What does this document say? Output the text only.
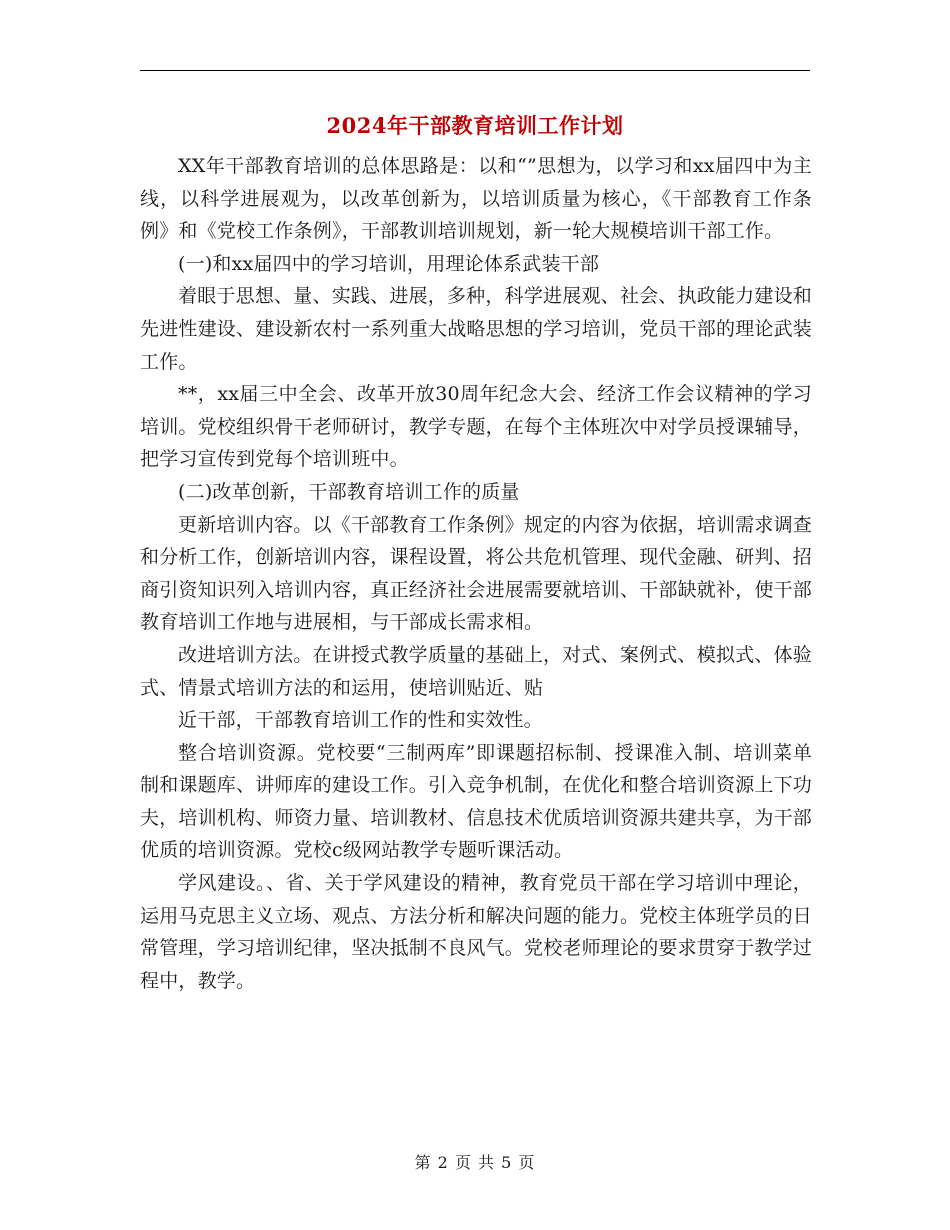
2024年干部教育培训工作计划

XX年干部教育培训的总体思路是：以和“”思想为，以学习和xx届四中为主线，以科学进展观为，以改革创新为，以培训质量为核心，《干部教育工作条例》和《党校工作条例》，干部教训培训规划，新一轮大规模培训干部工作。

(一)和xx届四中的学习培训，用理论体系武装干部

着眼于思想、量、实践、进展，多种，科学进展观、社会、执政能力建设和先进性建设、建设新农村一系列重大战略思想的学习培训，党员干部的理论武装工作。

**，xx届三中全会、改革开放30周年纪念大会、经济工作会议精神的学习培训。党校组织骨干老师研讨，教学专题，在每个主体班次中对学员授课辅导，把学习宣传到党每个培训班中。

(二)改革创新，干部教育培训工作的质量

更新培训内容。以《干部教育工作条例》规定的内容为依据，培训需求调查和分析工作，创新培训内容，课程设置，将公共危机管理、现代金融、研判、招商引资知识列入培训内容，真正经济社会进展需要就培训、干部缺就补，使干部教育培训工作地与进展相，与干部成长需求相。

改进培训方法。在讲授式教学质量的基础上，对式、案例式、模拟式、体验式、情景式培训方法的和运用，使培训贴近、贴

近干部，干部教育培训工作的性和实效性。

整合培训资源。党校要“三制两库”即课题招标制、授课准入制、培训菜单制和课题库、讲师库的建设工作。引入竞争机制，在优化和整合培训资源上下功夫，培训机构、师资力量、培训教材、信息技术优质培训资源共建共享，为干部优质的培训资源。党校c级网站教学专题听课活动。

学风建设。、省、关于学风建设的精神，教育党员干部在学习培训中理论，运用马克思主义立场、观点、方法分析和解决问题的能力。党校主体班学员的日常管理，学习培训纪律，坚决抵制不良风气。党校老师理论的要求贯穿于教学过程中，教学。

第 2 页 共 5 页
